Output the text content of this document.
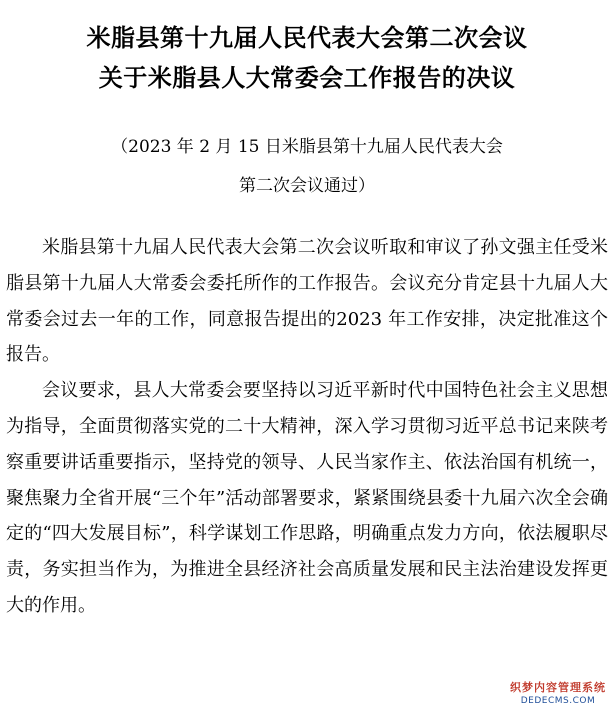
米脂县第十九届人民代表大会第二次会议
关于米脂县人大常委会工作报告的决议
（2023 年 2 月 15 日米脂县第十九届人民代表大会
第二次会议通过）

米脂县第十九届人民代表大会第二次会议听取和审议了孙文强主任受米脂县第十九届人大常委会委托所作的工作报告。会议充分肯定县十九届人大常委会过去一年的工作，同意报告提出的2023 年工作安排，决定批准这个报告。

会议要求，县人大常委会要坚持以习近平新时代中国特色社会主义思想为指导，全面贯彻落实党的二十大精神，深入学习贯彻习近平总书记来陕考察重要讲话重要指示，坚持党的领导、人民当家作主、依法治国有机统一，聚焦聚力全省开展“三个年”活动部署要求，紧紧围绕县委十九届六次全会确定的“四大发展目标”，科学谋划工作思路，明确重点发力方向，依法履职尽责，务实担当作为，为推进全县经济社会高质量发展和民主法治建设发挥更大的作用。

织梦内容管理系统
DEDECMS.COM
